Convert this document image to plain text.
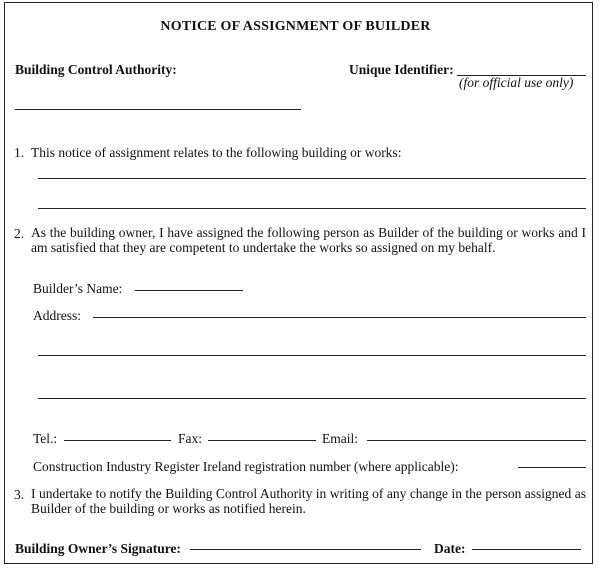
NOTICE OF ASSIGNMENT OF BUILDER
Building Control Authority:	Unique Identifier:
(for official use only)
1. This notice of assignment relates to the following building or works:
2. As the building owner, I have assigned the following person as Builder of the building or works and I am satisfied that they are competent to undertake the works so assigned on my behalf.
Builder’s Name:
Address:
Tel.:	Fax:	Email:
Construction Industry Register Ireland registration number (where applicable):
3. I undertake to notify the Building Control Authority in writing of any change in the person assigned as Builder of the building or works as notified herein.
Building Owner’s Signature:	Date:
